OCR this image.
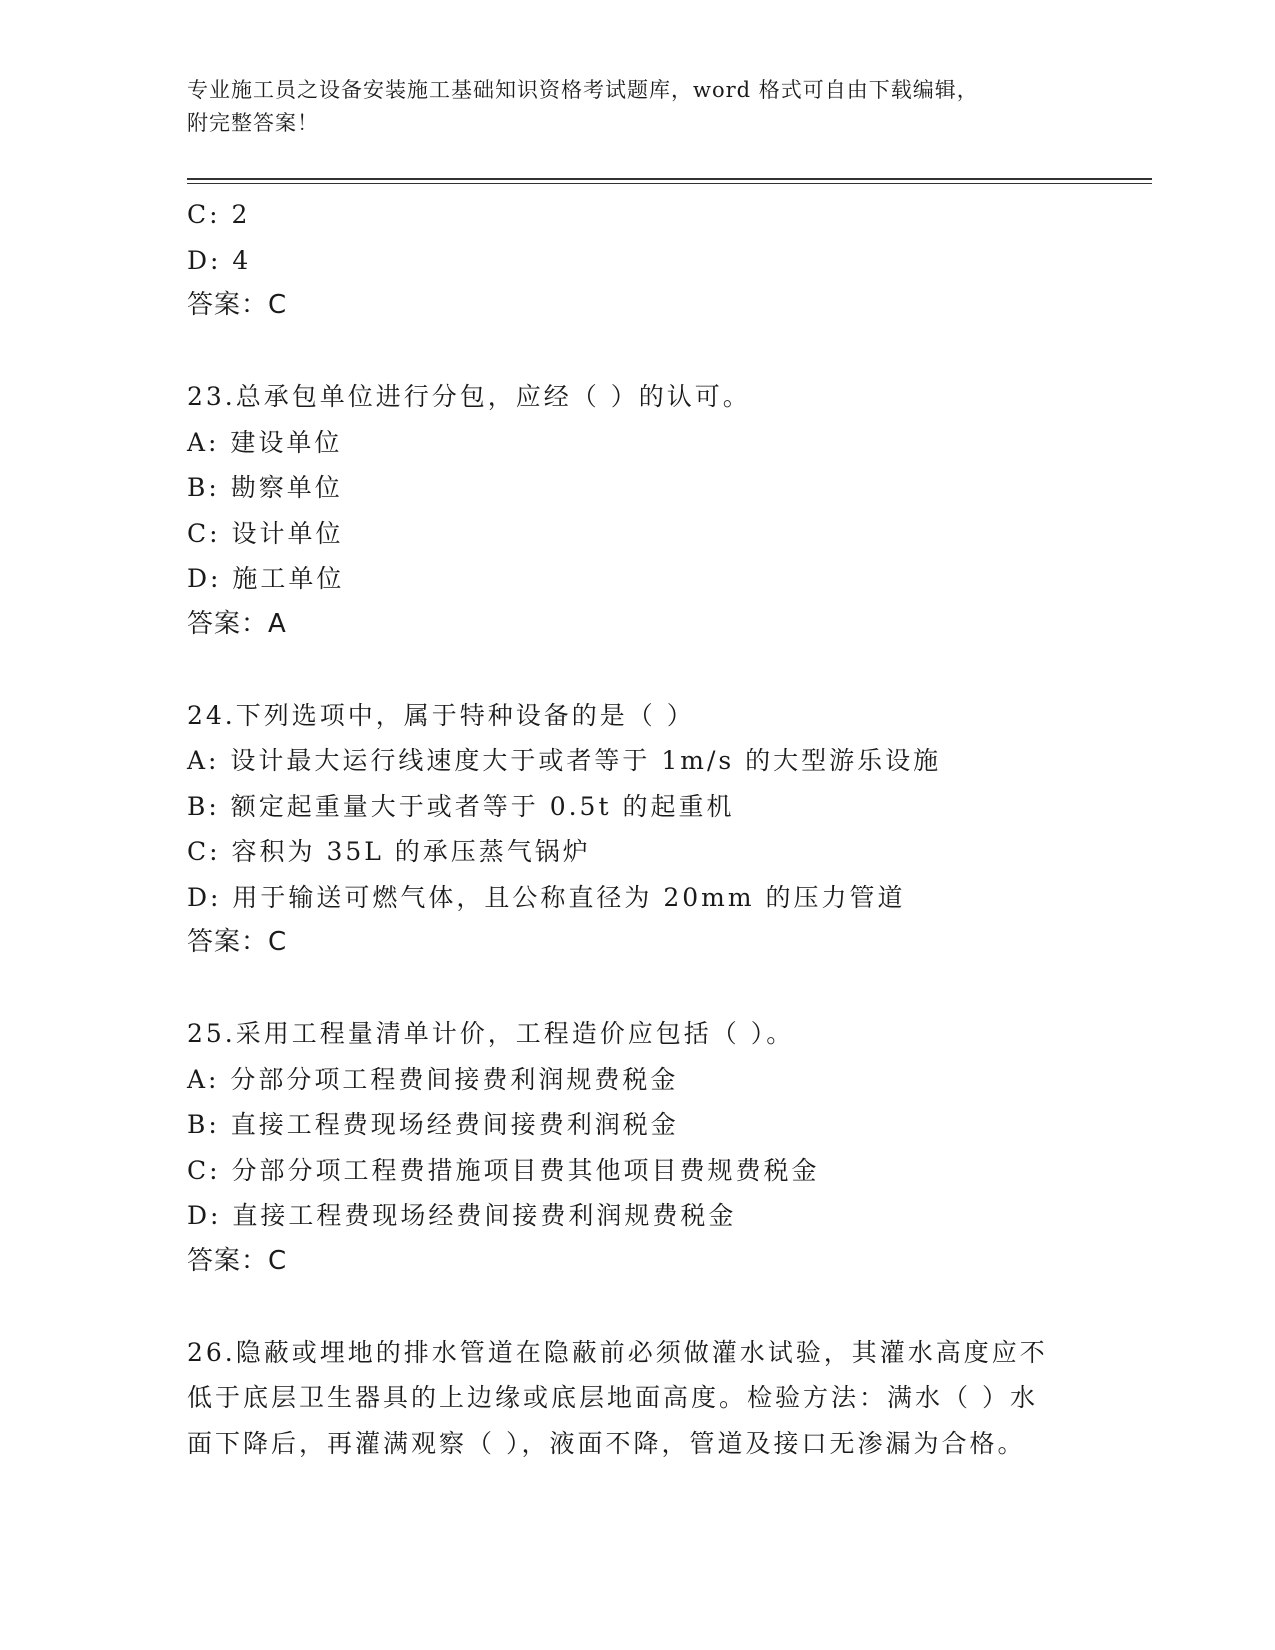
专业施工员之设备安装施工基础知识资格考试题库，word 格式可自由下载编辑，
附完整答案！
C: 2
D: 4
答案：C
23.总承包单位进行分包，应经（ ）的认可。
A: 建设单位
B: 勘察单位
C: 设计单位
D: 施工单位
答案：A
24.下列选项中，属于特种设备的是（ ）
A: 设计最大运行线速度大于或者等于 1m/s 的大型游乐设施
B: 额定起重量大于或者等于 0.5t 的起重机
C: 容积为 35L 的承压蒸气锅炉
D: 用于输送可燃气体，且公称直径为 20mm 的压力管道
答案：C
25.采用工程量清单计价，工程造价应包括（ ）。
A: 分部分项工程费间接费利润规费税金
B: 直接工程费现场经费间接费利润税金
C: 分部分项工程费措施项目费其他项目费规费税金
D: 直接工程费现场经费间接费利润规费税金
答案：C
26.隐蔽或埋地的排水管道在隐蔽前必须做灌水试验，其灌水高度应不
低于底层卫生器具的上边缘或底层地面高度。检验方法：满水（ ）水
面下降后，再灌满观察（ ），液面不降，管道及接口无渗漏为合格。
